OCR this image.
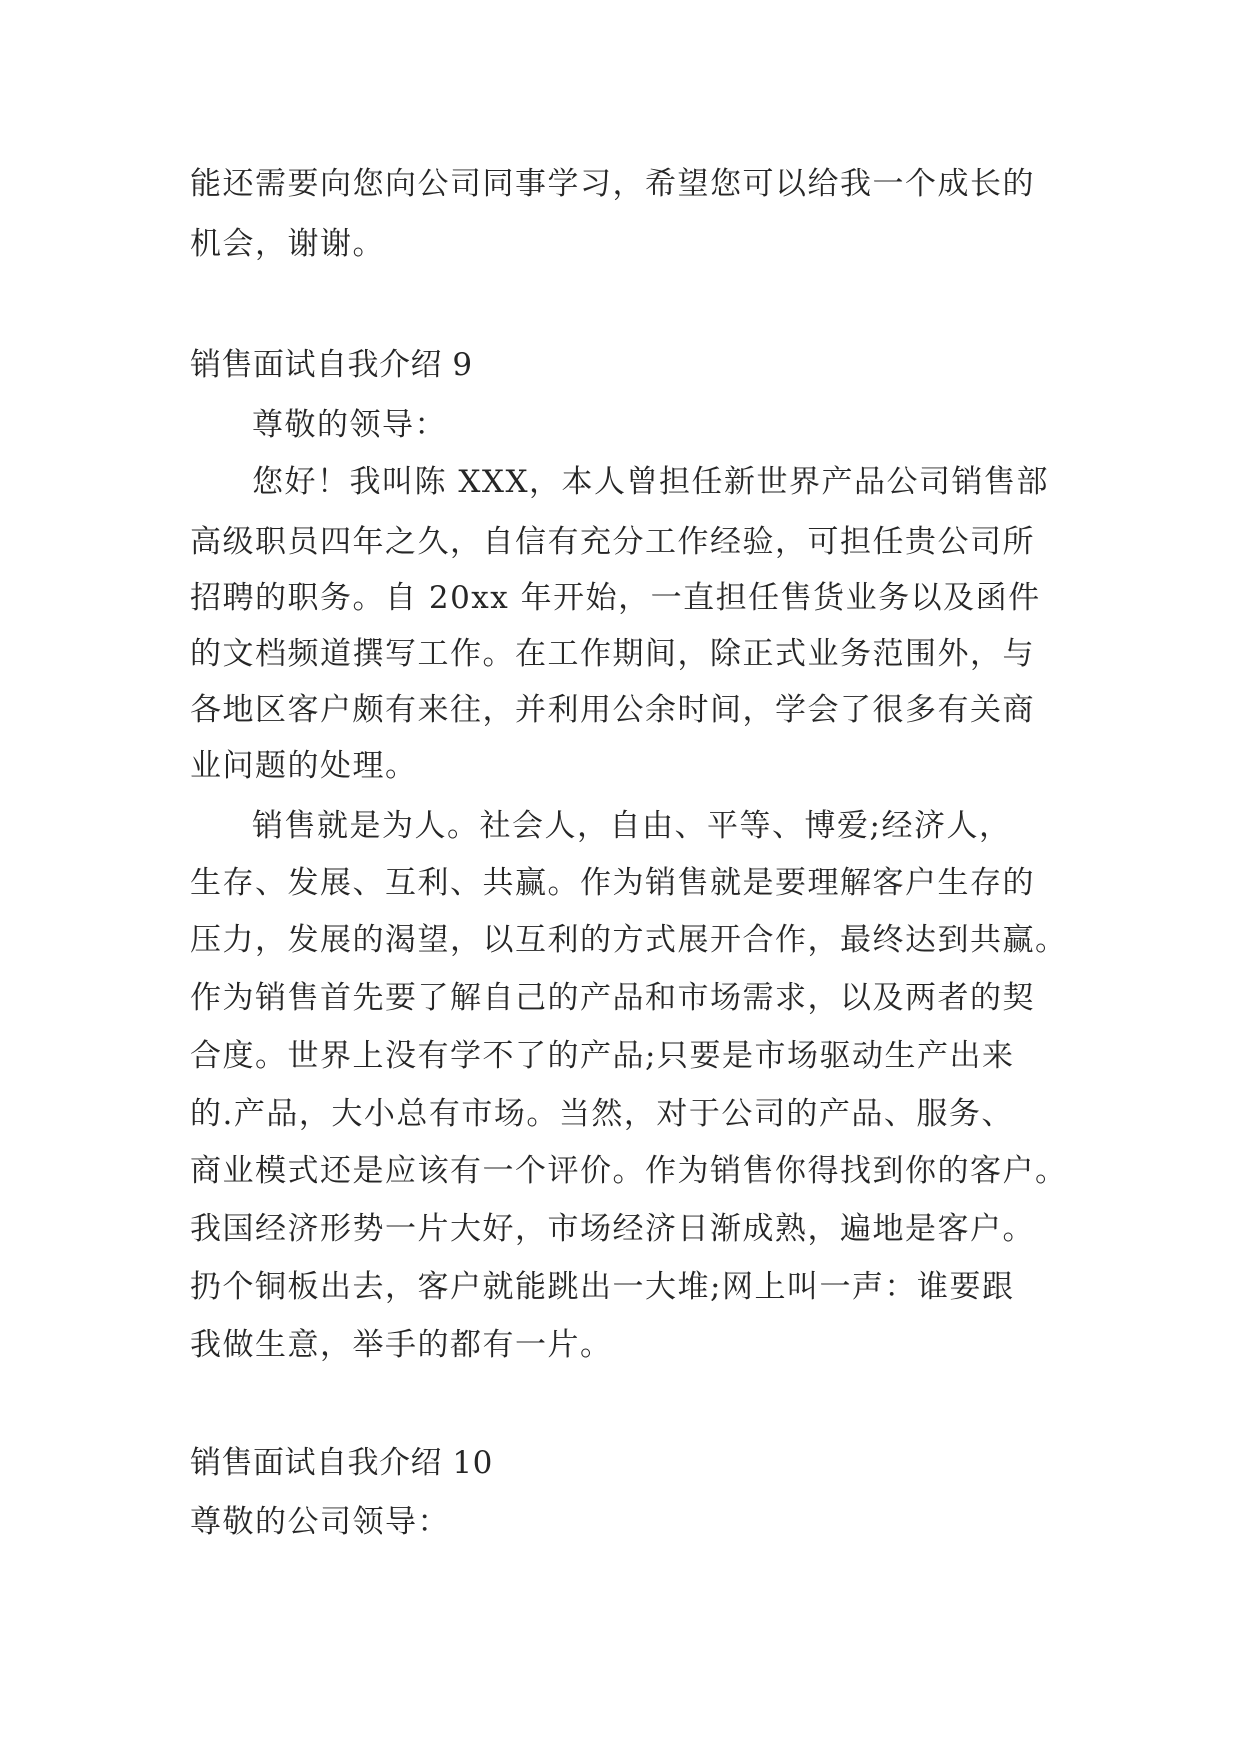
能还需要向您向公司同事学习，希望您可以给我一个成长的
机会，谢谢。
销售面试自我介绍 9
尊敬的领导：
您好！我叫陈 XXX，本人曾担任新世界产品公司销售部
高级职员四年之久，自信有充分工作经验，可担任贵公司所
招聘的职务。自 20xx 年开始，一直担任售货业务以及函件
的文档频道撰写工作。在工作期间，除正式业务范围外，与
各地区客户颇有来往，并利用公余时间，学会了很多有关商
业问题的处理。
销售就是为人。社会人，自由、平等、博爱;经济人，
生存、发展、互利、共赢。作为销售就是要理解客户生存的
压力，发展的渴望，以互利的方式展开合作，最终达到共赢。
作为销售首先要了解自己的产品和市场需求，以及两者的契
合度。世界上没有学不了的产品;只要是市场驱动生产出来
的.产品，大小总有市场。当然，对于公司的产品、服务、
商业模式还是应该有一个评价。作为销售你得找到你的客户。
我国经济形势一片大好，市场经济日渐成熟，遍地是客户。
扔个铜板出去，客户就能跳出一大堆;网上叫一声：谁要跟
我做生意，举手的都有一片。
销售面试自我介绍 10
尊敬的公司领导：
